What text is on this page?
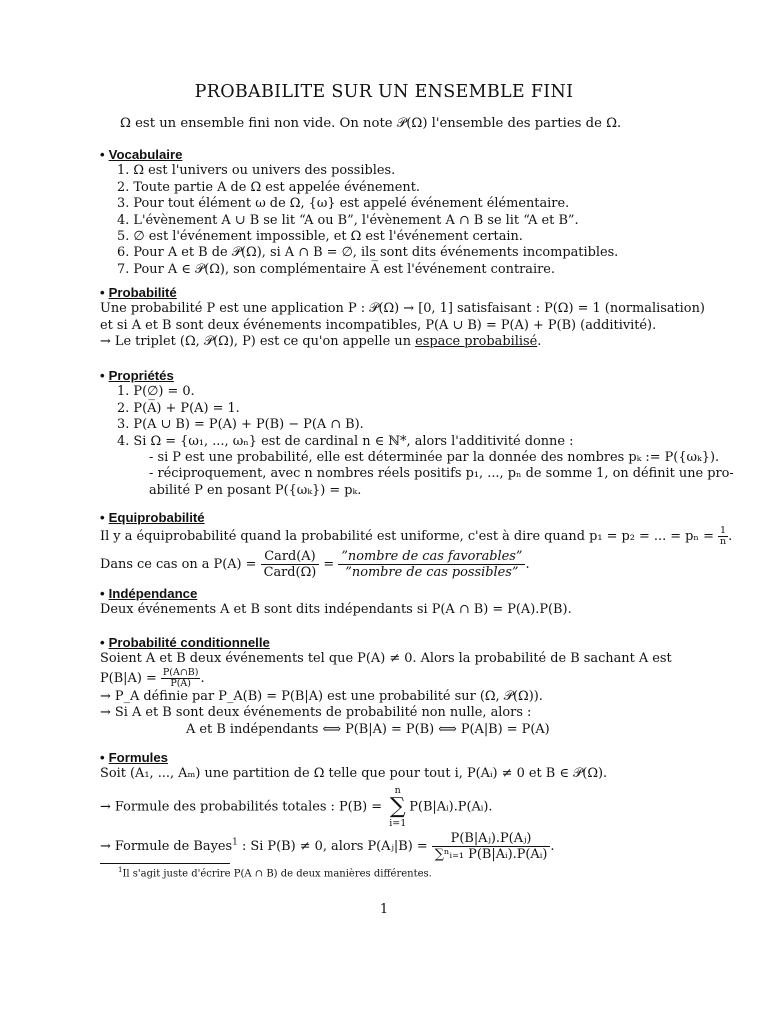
PROBABILITE SUR UN ENSEMBLE FINI
Ω est un ensemble fini non vide. On note 𝒫(Ω) l'ensemble des parties de Ω.
• Vocabulaire
1. Ω est l'univers ou univers des possibles.
2. Toute partie A de Ω est appelée événement.
3. Pour tout élément ω de Ω, {ω} est appelé événement élémentaire.
4. L'évènement A ∪ B se lit “A ou B”, l'évènement A ∩ B se lit “A et B”.
5. ∅ est l'événement impossible, et Ω est l'événement certain.
6. Pour A et B de 𝒫(Ω), si A ∩ B = ∅, ils sont dits événements incompatibles.
7. Pour A ∈ 𝒫(Ω), son complémentaire A̅ est l'événement contraire.
• Probabilité
Une probabilité P est une application P : 𝒫(Ω) → [0, 1] satisfaisant : P(Ω) = 1 (normalisation)
et si A et B sont deux événements incompatibles, P(A ∪ B) = P(A) + P(B) (additivité).
→ Le triplet (Ω, 𝒫(Ω), P) est ce qu'on appelle un espace probabilisé.
• Propriétés
1. P(∅) = 0.
2. P(A̅) + P(A) = 1.
3. P(A ∪ B) = P(A) + P(B) − P(A ∩ B).
4. Si Ω = {ω₁, ..., ωₙ} est de cardinal n ∈ ℕ*, alors l'additivité donne :
- si P est une probabilité, elle est déterminée par la donnée des nombres pₖ := P({ωₖ}).
- réciproquement, avec n nombres réels positifs p₁, ..., pₙ de somme 1, on définit une pro-
abilité P en posant P({ωₖ}) = pₖ.
• Equiprobabilité
Il y a équiprobabilité quand la probabilité est uniforme, c'est à dire quand p₁ = p₂ = ... = $p_n = \frac{1}{n}$ .
Dans ce cas on a $P(A) = \frac{\text{Card(A)}}{\text{Card(Ω)}} = \frac{\text{”nombre de cas favorables”}}{\text{”nombre de cas possibles”}}$ .
• Indépendance
Deux événements A et B sont dits indépendants si P(A ∩ B) = P(A).P(B).
• Probabilité conditionnelle
Soient A et B deux événements tel que P(A) ≠ 0. Alors la probabilité de B sachant A est
$P(B|A) = \frac{P(A\cap B)}{P(A)}$ .
→ P_A définie par P_A(B) = P(B|A) est une probabilité sur (Ω, 𝒫(Ω)).
→ Si A et B sont deux événements de probabilité non nulle, alors :
A et B indépendants ⟺ P(B|A) = P(B) ⟺ P(A|B) = P(A)
• Formules
Soit (A₁, ..., Aₘ) une partition de Ω telle que pour tout i, P(Aᵢ) ≠ 0 et B ∈ 𝒫(Ω).
→ Formule des probabilités totales : P(B) =
n
∑
i=1
P(B|Aᵢ).P(Aᵢ).
→ Formule de Bayes$^1$ : Si P(B) ≠ 0, alors P(Aⱼ|B) = $\frac{\text{P(B|Aⱼ).P(Aⱼ)}}{\text{∑ⁿᵢ₌₁ P(B|Aᵢ).P(Aᵢ)}}$ .
$^1$Il s'agit juste d'écrire P(A ∩ B) de deux manières différentes.
1
